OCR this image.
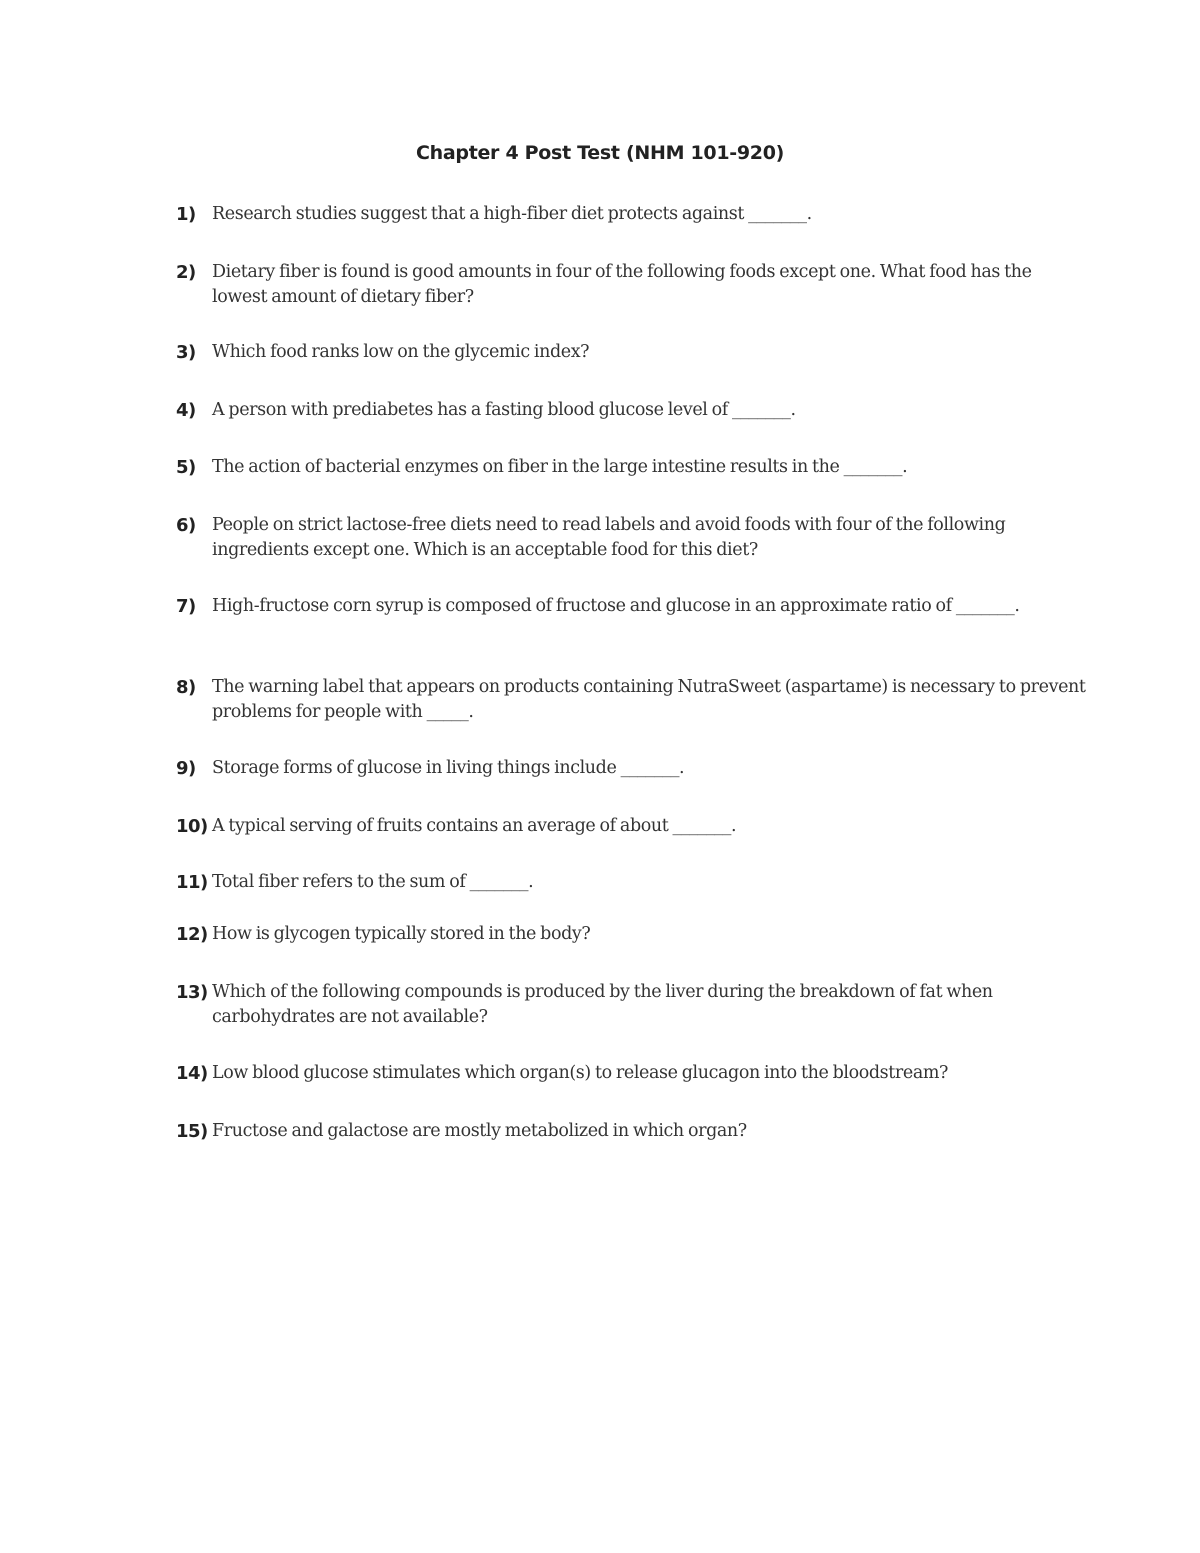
Chapter 4 Post Test (NHM 101-920)
1) Research studies suggest that a high-fiber diet protects against _______.
2) Dietary fiber is found is good amounts in four of the following foods except one. What food has the lowest amount of dietary fiber?
3) Which food ranks low on the glycemic index?
4) A person with prediabetes has a fasting blood glucose level of _______.
5) The action of bacterial enzymes on fiber in the large intestine results in the _______.
6) People on strict lactose-free diets need to read labels and avoid foods with four of the following ingredients except one. Which is an acceptable food for this diet?
7) High-fructose corn syrup is composed of fructose and glucose in an approximate ratio of _______.
8) The warning label that appears on products containing NutraSweet (aspartame) is necessary to prevent problems for people with _____.
9) Storage forms of glucose in living things include _______.
10) A typical serving of fruits contains an average of about _______.
11) Total fiber refers to the sum of _______.
12) How is glycogen typically stored in the body?
13) Which of the following compounds is produced by the liver during the breakdown of fat when carbohydrates are not available?
14) Low blood glucose stimulates which organ(s) to release glucagon into the bloodstream?
15) Fructose and galactose are mostly metabolized in which organ?
